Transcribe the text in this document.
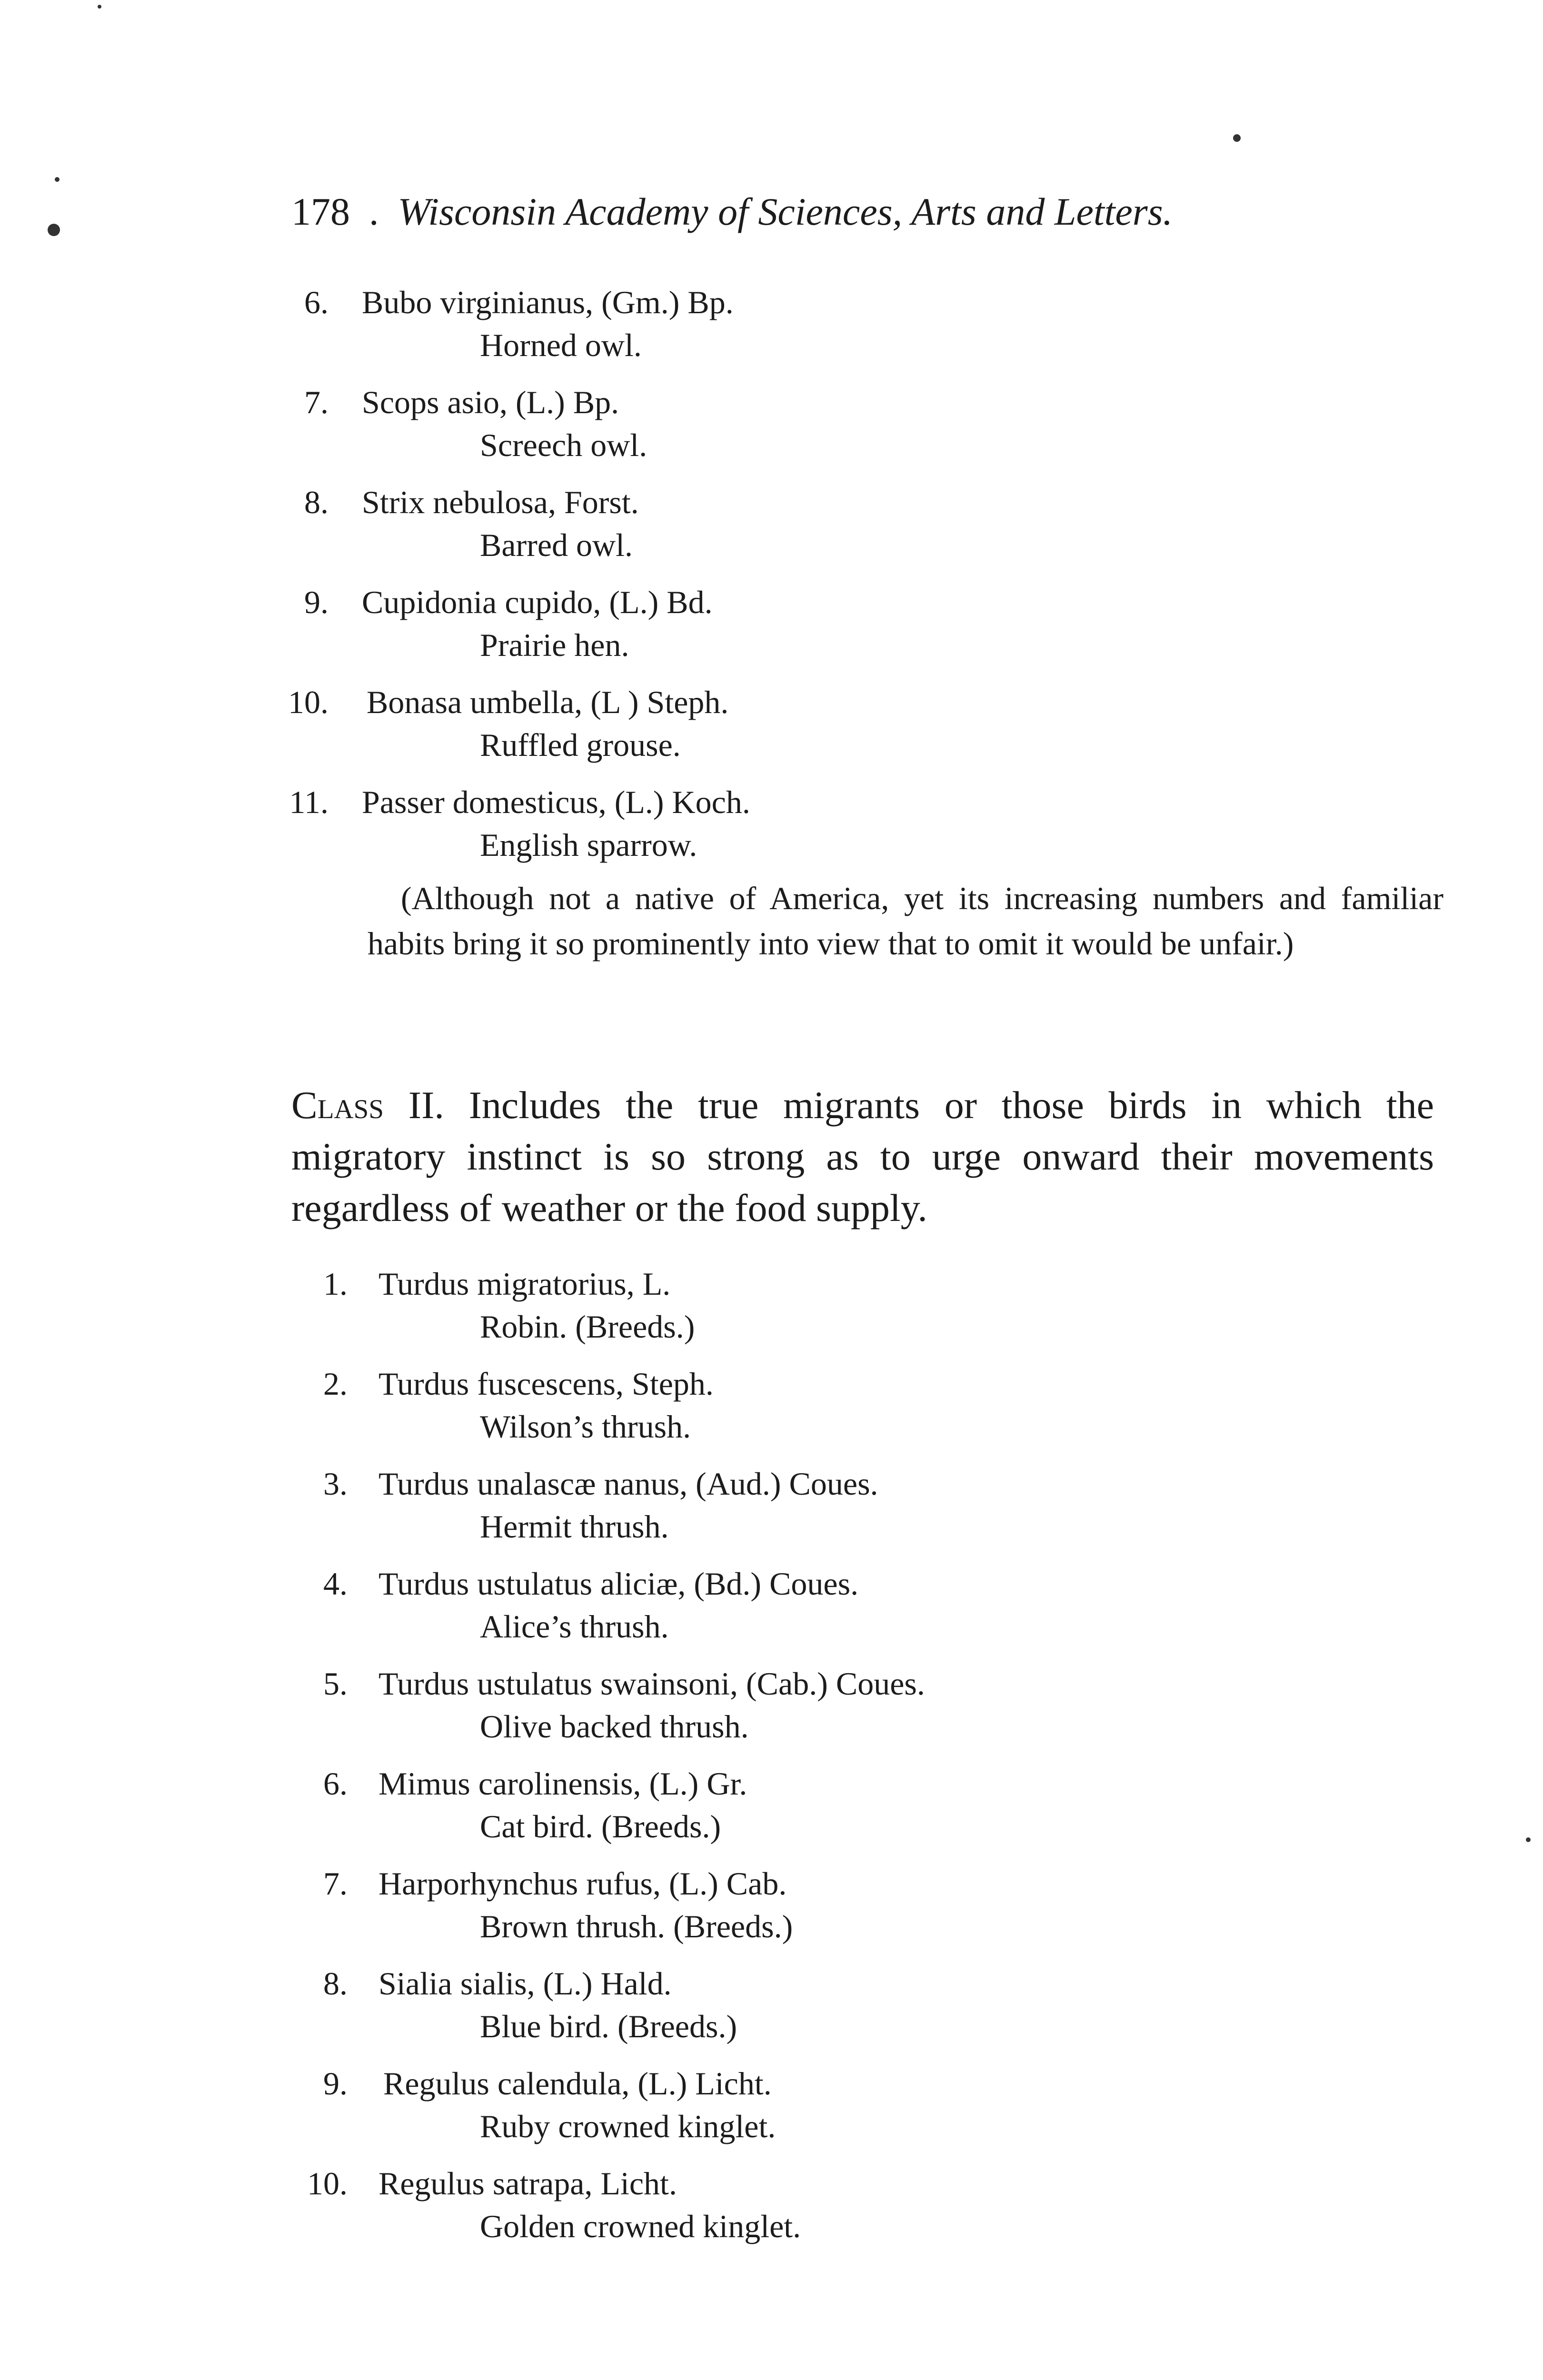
178 . Wisconsin Academy of Sciences, Arts and Letters.
6. Bubo virginianus, (Gm.) Bp.
Horned owl.
7. Scops asio, (L.) Bp.
Screech owl.
8. Strix nebulosa, Forst.
Barred owl.
9. Cupidonia cupido, (L.) Bd.
Prairie hen.
10. Bonasa umbella, (L ) Steph.
Ruffled grouse.
11. Passer domesticus, (L.) Koch.
English sparrow.

(Although not a native of America, yet its increasing numbers and familiar habits bring it so prominently into view that to omit it would be unfair.)

Class II. Includes the true migrants or those birds in which the migratory instinct is so strong as to urge onward their movements regardless of weather or the food supply.

1. Turdus migratorius, L.
Robin. (Breeds.)
2. Turdus fuscescens, Steph.
Wilson’s thrush.
3. Turdus unalascæ nanus, (Aud.) Coues.
Hermit thrush.
4. Turdus ustulatus aliciæ, (Bd.) Coues.
Alice’s thrush.
5. Turdus ustulatus swainsoni, (Cab.) Coues.
Olive backed thrush.
6. Mimus carolinensis, (L.) Gr.
Cat bird. (Breeds.)
7. Harporhynchus rufus, (L.) Cab.
Brown thrush. (Breeds.)
8. Sialia sialis, (L.) Hald.
Blue bird. (Breeds.)
9. Regulus calendula, (L.) Licht.
Ruby crowned kinglet.
10. Regulus satrapa, Licht.
Golden crowned kinglet.
